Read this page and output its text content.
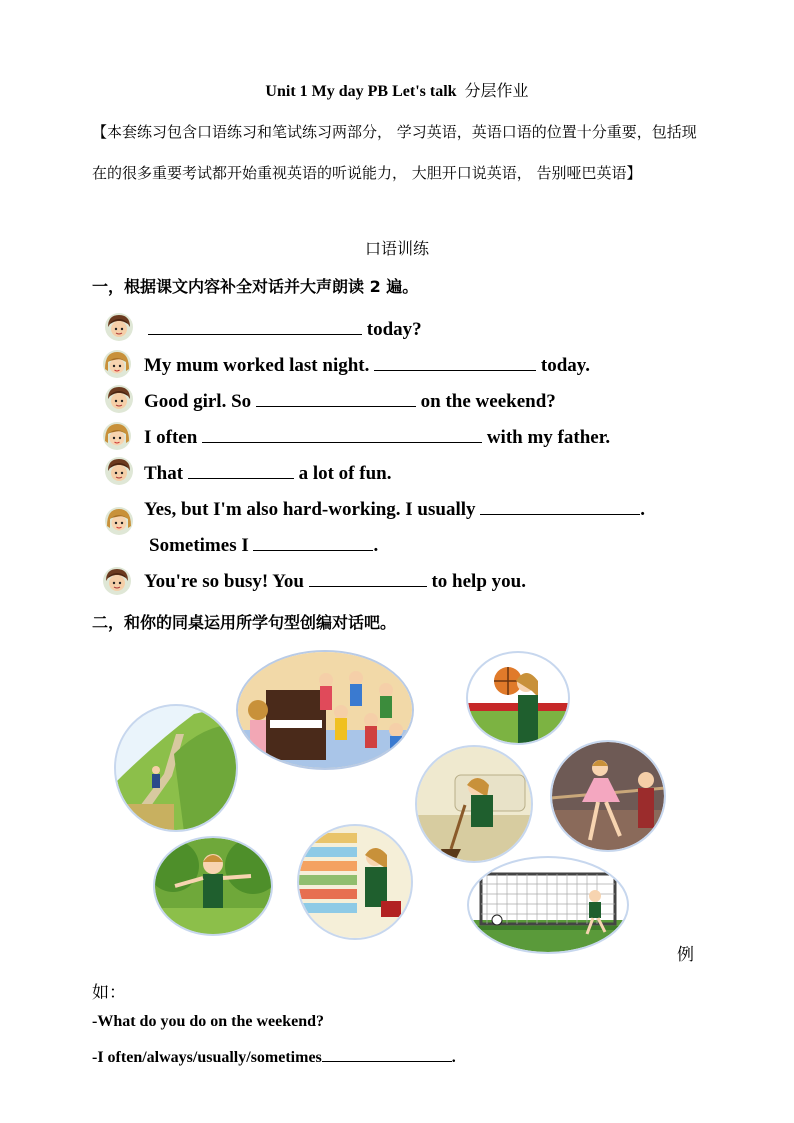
Unit 1 My day PB Let's talk 分层作业
【本套练习包含口语练习和笔试练习两部分， 学习英语，英语口语的位置十分重要，包括现在的很多重要考试都开始重视英语的听说能力， 大胆开口说英语， 告别哑巴英语】
口语训练
一，根据课文内容补全对话并大声朗读 2 遍。
today?
My mum worked last night.	today.
Good girl. So	on the weekend?
I often	with my father.
That	a lot of fun.
Yes, but I'm also hard-working. I usually	.
Sometimes I	.
You're so busy! You	to help you.
二，和你的同桌运用所学句型创编对话吧。
例
如：
-What do you do on the weekend?
-I often/always/usually/sometimes	.
